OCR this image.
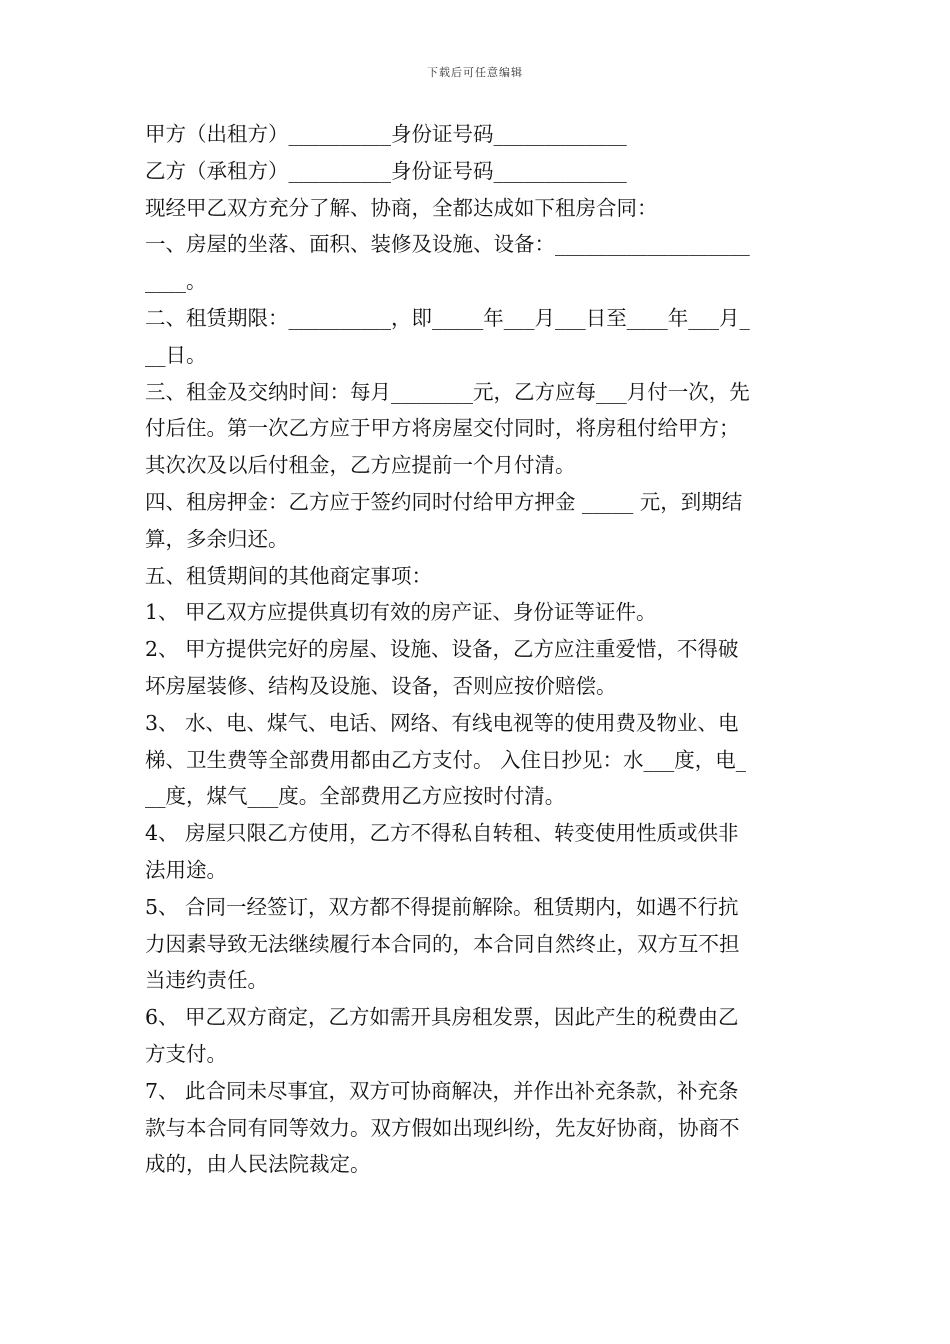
下载后可任意编辑
甲方（出租方）__________身份证号码_____________
乙方（承租方）__________身份证号码_____________
现经甲乙双方充分了解、协商，全都达成如下租房合同：
一、房屋的坐落、面积、装修及设施、设备：___________________
____。
二、租赁期限：__________，即_____年___月___日至____年___月_
__日。
三、租金及交纳时间：每月________元，乙方应每___月付一次，先
付后住。第一次乙方应于甲方将房屋交付同时，将房租付给甲方；
其次次及以后付租金，乙方应提前一个月付清。
四、租房押金：乙方应于签约同时付给甲方押金 _____ 元，到期结
算，多余归还。
五、租赁期间的其他商定事项：
1、 甲乙双方应提供真切有效的房产证、身份证等证件。
2、 甲方提供完好的房屋、设施、设备，乙方应注重爱惜，不得破
坏房屋装修、结构及设施、设备，否则应按价赔偿。
3、 水、电、煤气、电话、网络、有线电视等的使用费及物业、电
梯、卫生费等全部费用都由乙方支付。 入住日抄见：水___度，电_
__度，煤气___度。全部费用乙方应按时付清。
4、 房屋只限乙方使用，乙方不得私自转租、转变使用性质或供非
法用途。
5、 合同一经签订，双方都不得提前解除。租赁期内，如遇不行抗
力因素导致无法继续履行本合同的，本合同自然终止，双方互不担
当违约责任。
6、 甲乙双方商定，乙方如需开具房租发票，因此产生的税费由乙
方支付。
7、 此合同未尽事宜，双方可协商解决，并作出补充条款，补充条
款与本合同有同等效力。双方假如出现纠纷，先友好协商，协商不
成的，由人民法院裁定。
